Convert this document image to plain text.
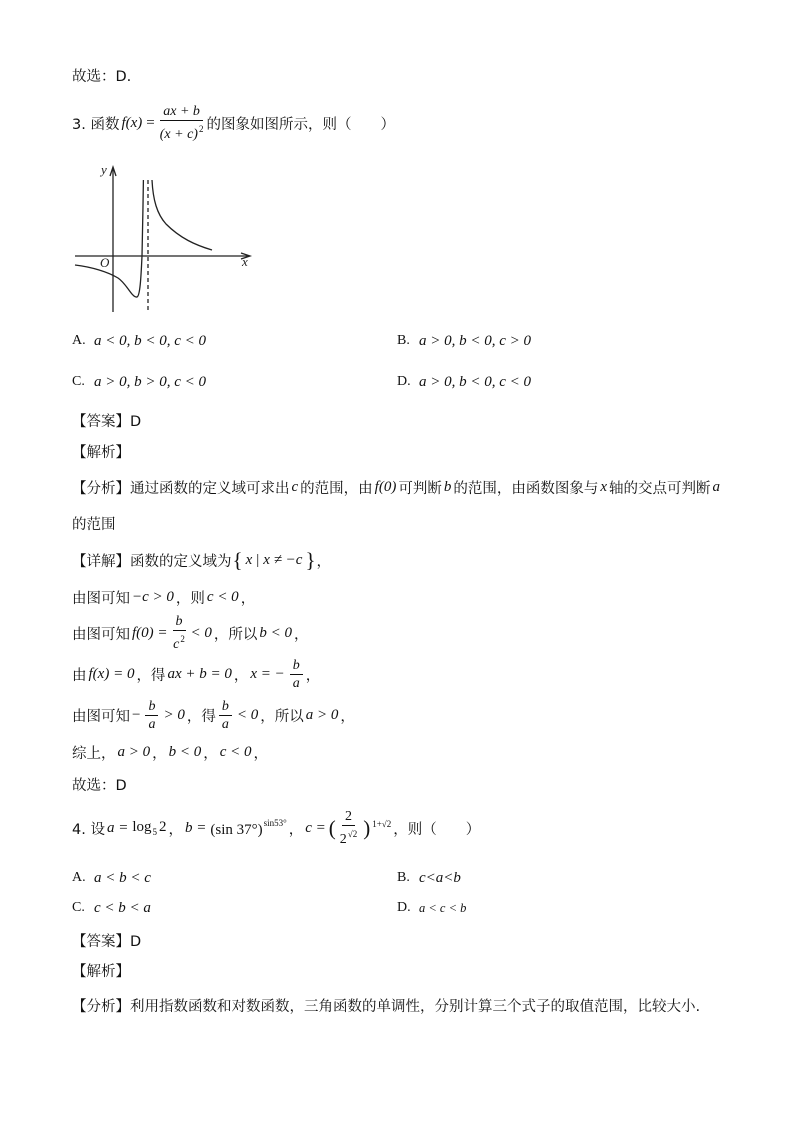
故选：D.
3. 函数 $f(x) = \frac{ax + b}{(x + c)^2}$ 的图象如图所示，则（　　）
y
O	x
A. a < 0, b < 0, c < 0	B. a > 0, b < 0, c > 0
C. a > 0, b > 0, c < 0	D. a > 0, b < 0, c < 0
【答案】D
【解析】
【分析】通过函数的定义域可求出 c 的范围，由 f(0) 可判断 b 的范围，由函数图象与 x 轴的交点可判断 a
的范围
【详解】函数的定义域为 { x | x ≠ −c } ，
由图可知 −c > 0 ，则 c < 0 ，
由图可知 $f(0) = \frac{b}{c^2} < 0$ ，所以 b < 0 ，
由 f(x) = 0 ，得 ax + b = 0 ， x = − $\frac{b}{a}$ ，
由图可知 − $\frac{b}{a} > 0$ ，得 $\frac{b}{a} < 0$ ，所以 a > 0 ，
综上， a > 0 ， b < 0 ， c < 0 ，
故选：D
4. 设 $a = \log_5 2$ ， b = (sin 37°)$^{sin53^\circ}$ ， c = ( $\frac{2}{2^{√2}}$ ) $^{1+√2}$ ，则（　　）
A. a < b < c	B. c<a<b
C. c < b < a	D. a < c < b
【答案】D
【解析】
【分析】利用指数函数和对数函数，三角函数的单调性，分别计算三个式子的取值范围，比较大小.
